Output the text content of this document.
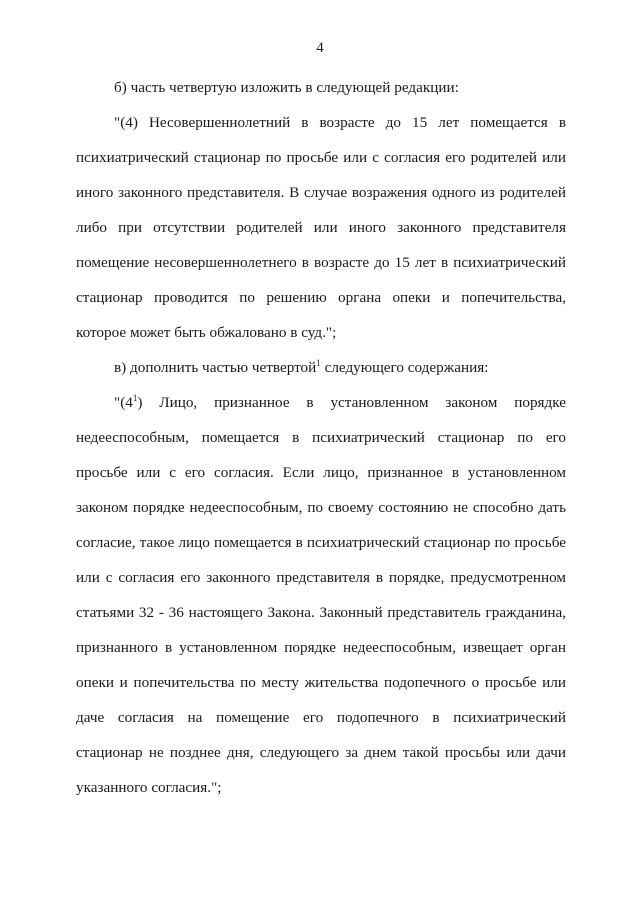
4

б) часть четвертую изложить в следующей редакции:

"(4) Несовершеннолетний в возрасте до 15 лет помещается в психиатрический стационар по просьбе или с согласия его родителей или иного законного представителя. В случае возражения одного из родителей либо при отсутствии родителей или иного законного представителя помещение несовершеннолетнего в возрасте до 15 лет в психиатрический стационар проводится по решению органа опеки и попечительства, которое может быть обжаловано в суд.";

в) дополнить частью четвертой$^1$ следующего содержания:

"$(4^1)$ Лицо, признанное в установленном законом порядке недееспособным, помещается в психиатрический стационар по его просьбе или с его согласия. Если лицо, признанное в установленном законом порядке недееспособным, по своему состоянию не способно дать согласие, такое лицо помещается в психиатрический стационар по просьбе или с согласия его законного представителя в порядке, предусмотренном статьями 32 - 36 настоящего Закона. Законный представитель гражданина, признанного в установленном порядке недееспособным, извещает орган опеки и попечительства по месту жительства подопечного о просьбе или даче согласия на помещение его подопечного в психиатрический стационар не позднее дня, следующего за днем такой просьбы или дачи указанного согласия.";
